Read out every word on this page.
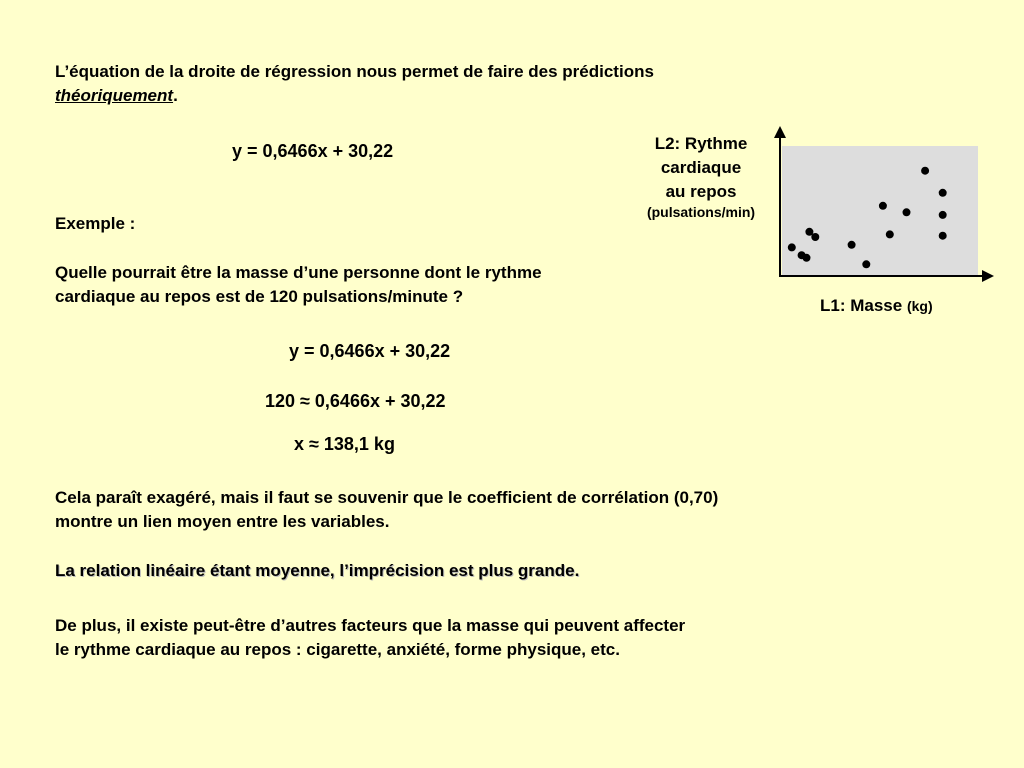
L’équation de la droite de régression nous permet de faire des prédictions
théoriquement.
y = 0,6466x + 30,22
Exemple :
Quelle pourrait être la masse d’une personne dont le rythme
cardiaque au repos est de 120 pulsations/minute ?
y = 0,6466x + 30,22
120 ≈ 0,6466x + 30,22
x ≈ 138,1 kg
Cela paraît exagéré, mais il faut se souvenir que le coefficient de corrélation (0,70)
montre un lien moyen entre les variables.
La relation linéaire étant moyenne, l’imprécision est plus grande.
De plus, il existe peut-être d’autres facteurs que la masse qui peuvent affecter
le rythme cardiaque au repos : cigarette, anxiété, forme physique, etc.
L2: Rythme
cardiaque
au repos
(pulsations/min)
L1: Masse (kg)
